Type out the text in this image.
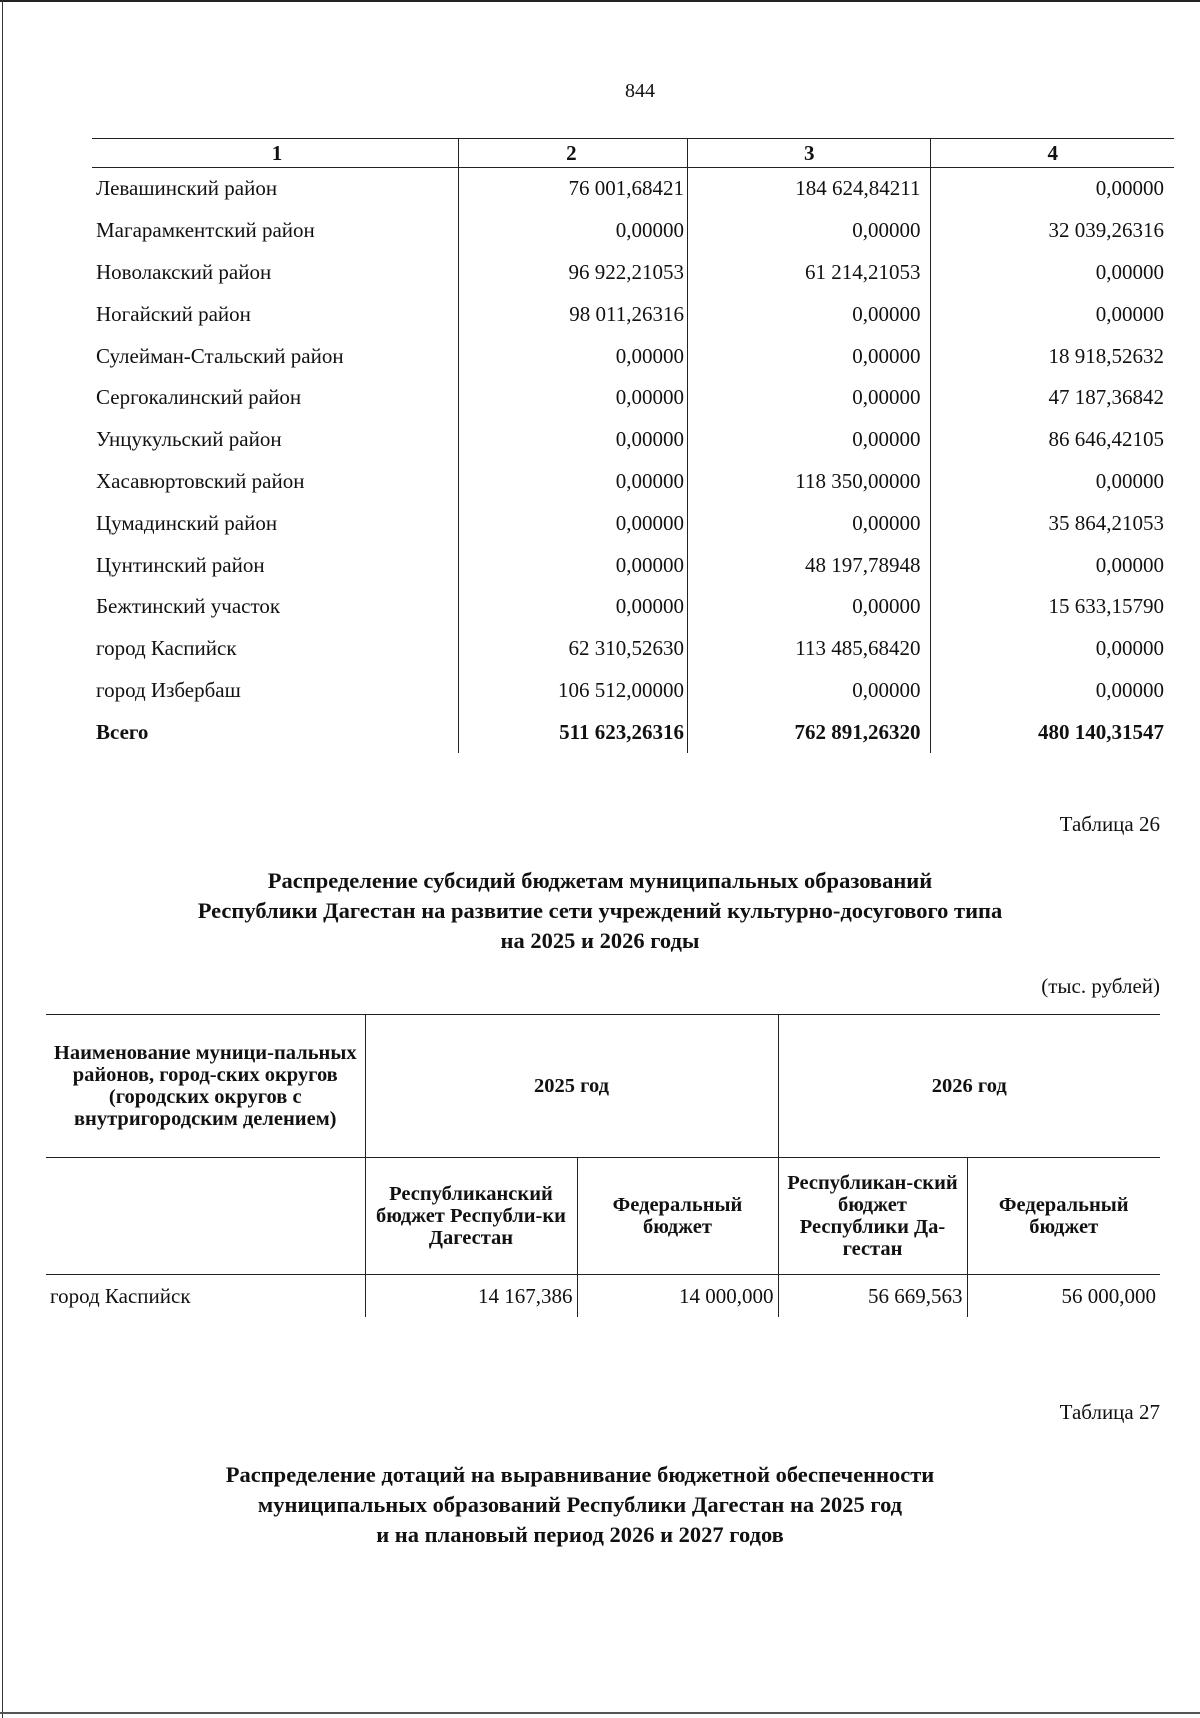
844
1	2	3	4
Левашинский район	76 001,68421	184 624,84211	0,00000
Магарамкентский район	0,00000	0,00000	32 039,26316
Новолакский район	96 922,21053	61 214,21053	0,00000
Ногайский район	98 011,26316	0,00000	0,00000
Сулейман-Стальский район	0,00000	0,00000	18 918,52632
Сергокалинский район	0,00000	0,00000	47 187,36842
Унцукульский район	0,00000	0,00000	86 646,42105
Хасавюртовский район	0,00000	118 350,00000	0,00000
Цумадинский район	0,00000	0,00000	35 864,21053
Цунтинский район	0,00000	48 197,78948	0,00000
Бежтинский участок	0,00000	0,00000	15 633,15790
город Каспийск	62 310,52630	113 485,68420	0,00000
город Избербаш	106 512,00000	0,00000	0,00000
Всего	511 623,26316	762 891,26320	480 140,31547
Таблица 26
Распределение субсидий бюджетам муниципальных образований
Республики Дагестан на развитие сети учреждений культурно-досугового типа
на 2025 и 2026 годы
(тыс. рублей)
Наименование муници-пальных районов, город-ских округов (городских округов с внутригородским делением)	2025 год		2026 год	
	Республиканский бюджет Республи-ки Дагестан	Федеральный бюджет	Республикан-ский бюджет Республики Да-гестан	Федеральный бюджет
город Каспийск	14 167,386	14 000,000	56 669,563	56 000,000
Таблица 27
Распределение дотаций на выравнивание бюджетной обеспеченности
муниципальных образований Республики Дагестан на 2025 год
и на плановый период 2026 и 2027 годов
